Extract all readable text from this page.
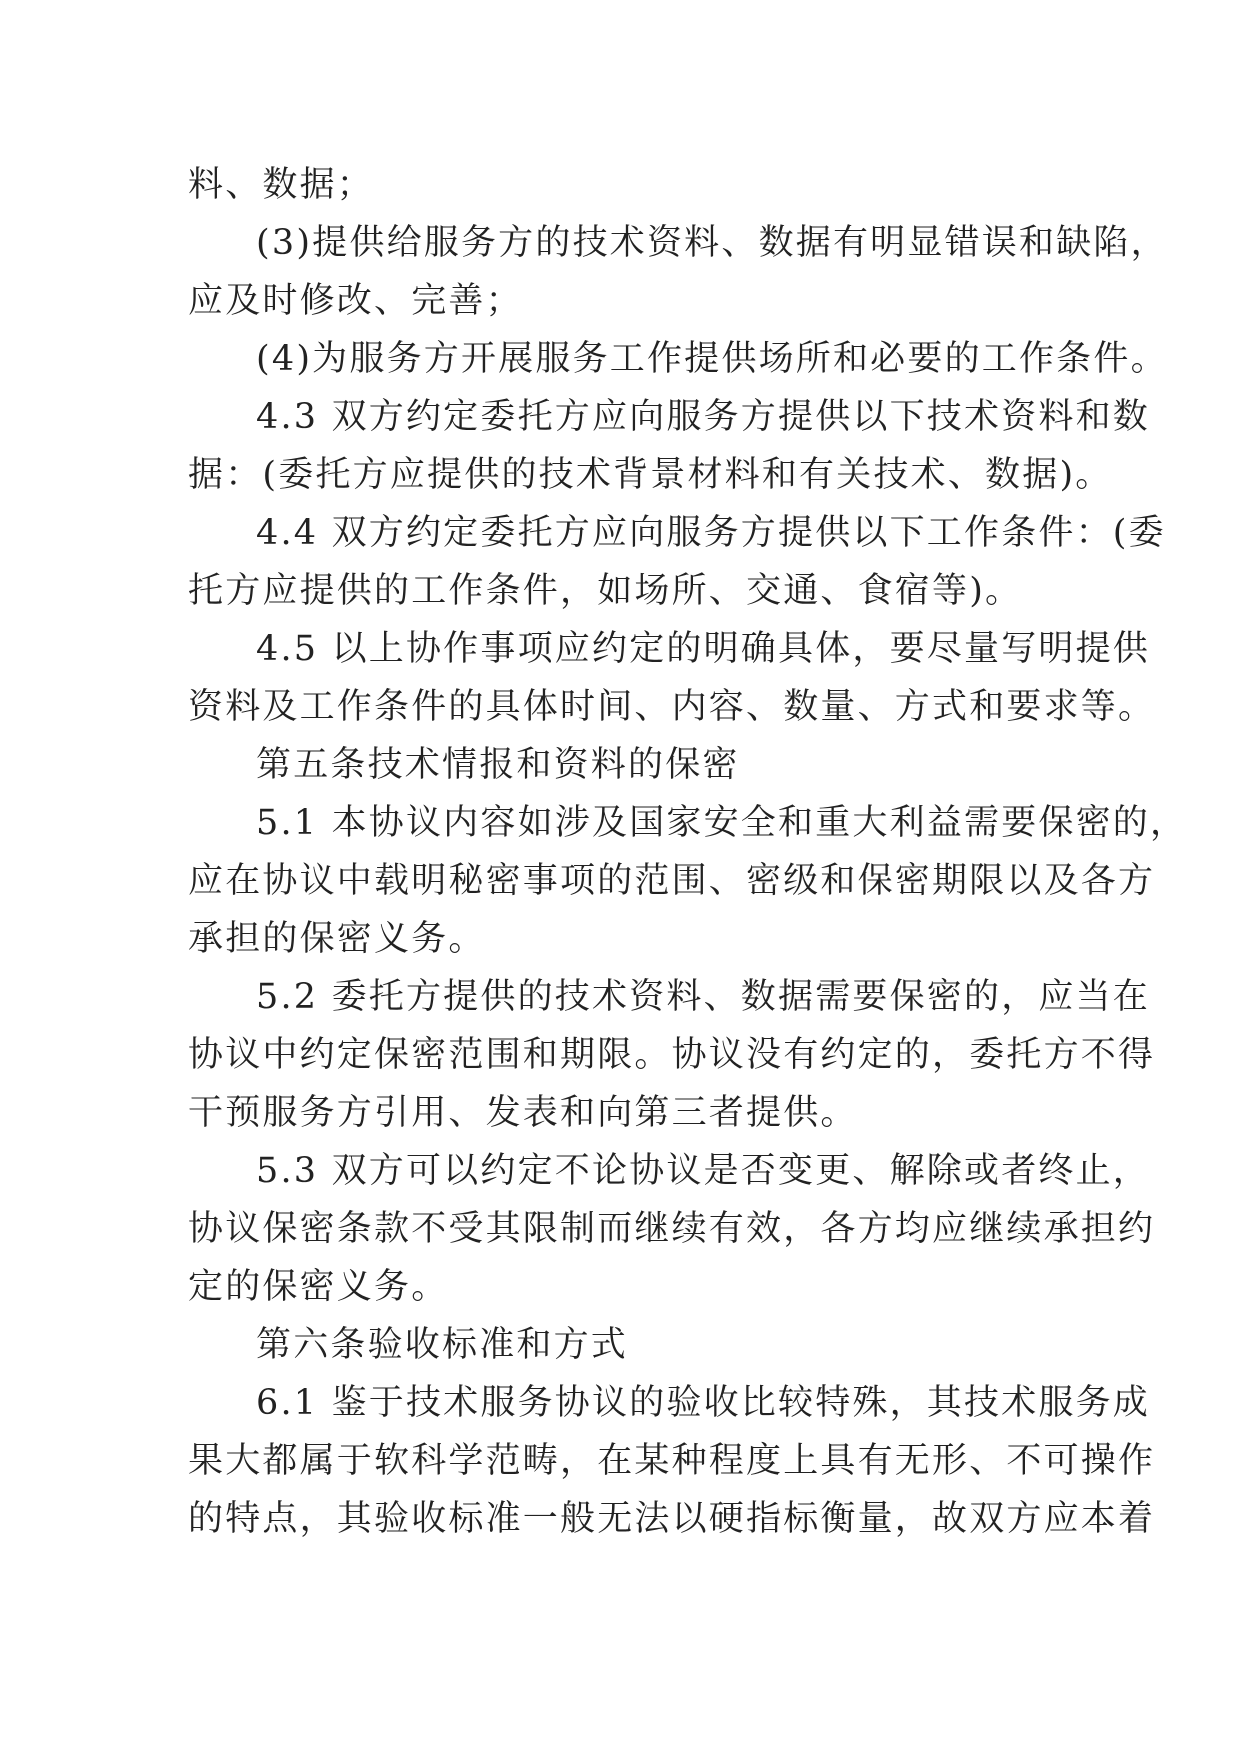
料、数据；
(3)提供给服务方的技术资料、数据有明显错误和缺陷，
应及时修改、完善；
(4)为服务方开展服务工作提供场所和必要的工作条件。
4.3 双方约定委托方应向服务方提供以下技术资料和数
据：(委托方应提供的技术背景材料和有关技术、数据)。
4.4 双方约定委托方应向服务方提供以下工作条件：(委
托方应提供的工作条件，如场所、交通、食宿等)。
4.5 以上协作事项应约定的明确具体，要尽量写明提供
资料及工作条件的具体时间、内容、数量、方式和要求等。
第五条技术情报和资料的保密
5.1 本协议内容如涉及国家安全和重大利益需要保密的，
应在协议中载明秘密事项的范围、密级和保密期限以及各方
承担的保密义务。
5.2 委托方提供的技术资料、数据需要保密的，应当在
协议中约定保密范围和期限。协议没有约定的，委托方不得
干预服务方引用、发表和向第三者提供。
5.3 双方可以约定不论协议是否变更、解除或者终止，
协议保密条款不受其限制而继续有效，各方均应继续承担约
定的保密义务。
第六条验收标准和方式
6.1 鉴于技术服务协议的验收比较特殊，其技术服务成
果大都属于软科学范畴，在某种程度上具有无形、不可操作
的特点，其验收标准一般无法以硬指标衡量，故双方应本着
